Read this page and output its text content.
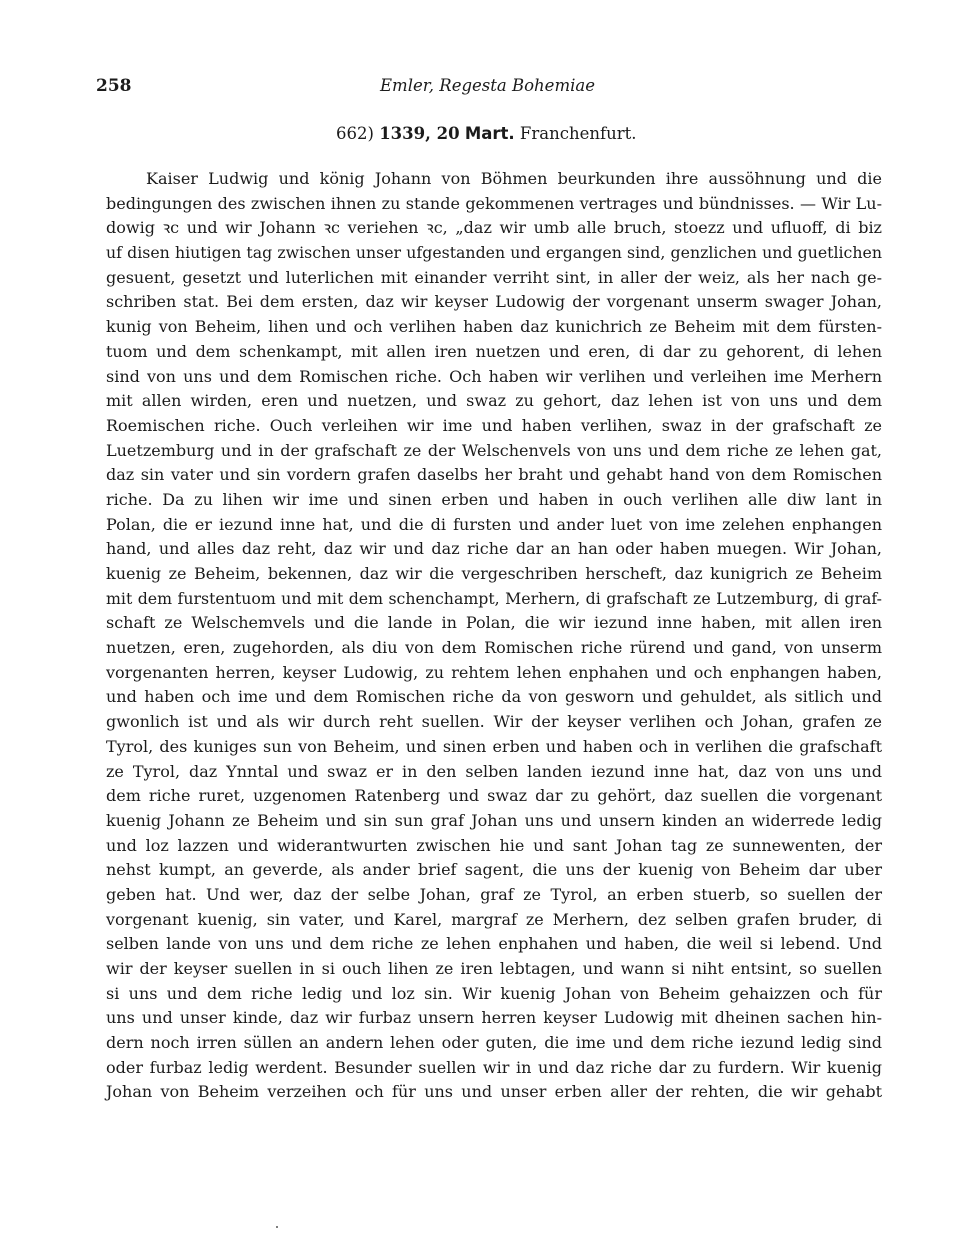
258	Emler, Regesta Bohemiae
662) 1339, 20 Mart. Franchenfurt.
Kaiser Ludwig und könig Johann von Böhmen beurkunden ihre aussöhnung und die
bedingungen des zwischen ihnen zu stande gekommenen vertrages und bündnisses. — Wir Lu-
dowig ꝛc und wir Johann ꝛc veriehen ꝛc, „daz wir umb alle bruch, stoezz und ufluoff, di biz
uf disen hiutigen tag zwischen unser ufgestanden und ergangen sind, genzlichen und guetlichen
gesuent, gesetzt und luterlichen mit einander verriht sint, in aller der weiz, als her nach ge-
schriben stat. Bei dem ersten, daz wir keyser Ludowig der vorgenant unserm swager Johan,
kunig von Beheim, lihen und och verlihen haben daz kunichrich ze Beheim mit dem fürsten-
tuom und dem schenkampt, mit allen iren nuetzen und eren, di dar zu gehorent, di lehen
sind von uns und dem Romischen riche. Och haben wir verlihen und verleihen ime Merhern
mit allen wirden, eren und nuetzen, und swaz zu gehort, daz lehen ist von uns und dem
Roemischen riche. Ouch verleihen wir ime und haben verlihen, swaz in der grafschaft ze
Luetzemburg und in der grafschaft ze der Welschenvels von uns und dem riche ze lehen gat,
daz sin vater und sin vordern grafen daselbs her braht und gehabt hand von dem Romischen
riche. Da zu lihen wir ime und sinen erben und haben in ouch verlihen alle diw lant in
Polan, die er iezund inne hat, und die di fursten und ander luet von ime zelehen enphangen
hand, und alles daz reht, daz wir und daz riche dar an han oder haben muegen. Wir Johan,
kuenig ze Beheim, bekennen, daz wir die vergeschriben herscheft, daz kunigrich ze Beheim
mit dem furstentuom und mit dem schenchampt, Merhern, di grafschaft ze Lutzemburg, di graf-
schaft ze Welschemvels und die lande in Polan, die wir iezund inne haben, mit allen iren
nuetzen, eren, zugehorden, als diu von dem Romischen riche rürend und gand, von unserm
vorgenanten herren, keyser Ludowig, zu rehtem lehen enphahen und och enphangen haben,
und haben och ime und dem Romischen riche da von gesworn und gehuldet, als sitlich und
gwonlich ist und als wir durch reht suellen. Wir der keyser verlihen och Johan, grafen ze
Tyrol, des kuniges sun von Beheim, und sinen erben und haben och in verlihen die grafschaft
ze Tyrol, daz Ynntal und swaz er in den selben landen iezund inne hat, daz von uns und
dem riche ruret, uzgenomen Ratenberg und swaz dar zu gehört, daz suellen die vorgenant
kuenig Johann ze Beheim und sin sun graf Johan uns und unsern kinden an widerrede ledig
und loz lazzen und widerantwurten zwischen hie und sant Johan tag ze sunnewenten, der
nehst kumpt, an geverde, als ander brief sagent, die uns der kuenig von Beheim dar uber
geben hat. Und wer, daz der selbe Johan, graf ze Tyrol, an erben stuerb, so suellen der
vorgenant kuenig, sin vater, und Karel, margraf ze Merhern, dez selben grafen bruder, di
selben lande von uns und dem riche ze lehen enphahen und haben, die weil si lebend. Und
wir der keyser suellen in si ouch lihen ze iren lebtagen, und wann si niht entsint, so suellen
si uns und dem riche ledig und loz sin. Wir kuenig Johan von Beheim gehaizzen och für
uns und unser kinde, daz wir furbaz unsern herren keyser Ludowig mit dheinen sachen hin-
dern noch irren süllen an andern lehen oder guten, die ime und dem riche iezund ledig sind
oder furbaz ledig werdent. Besunder suellen wir in und daz riche dar zu furdern. Wir kuenig
Johan von Beheim verzeihen och für uns und unser erben aller der rehten, die wir gehabt
